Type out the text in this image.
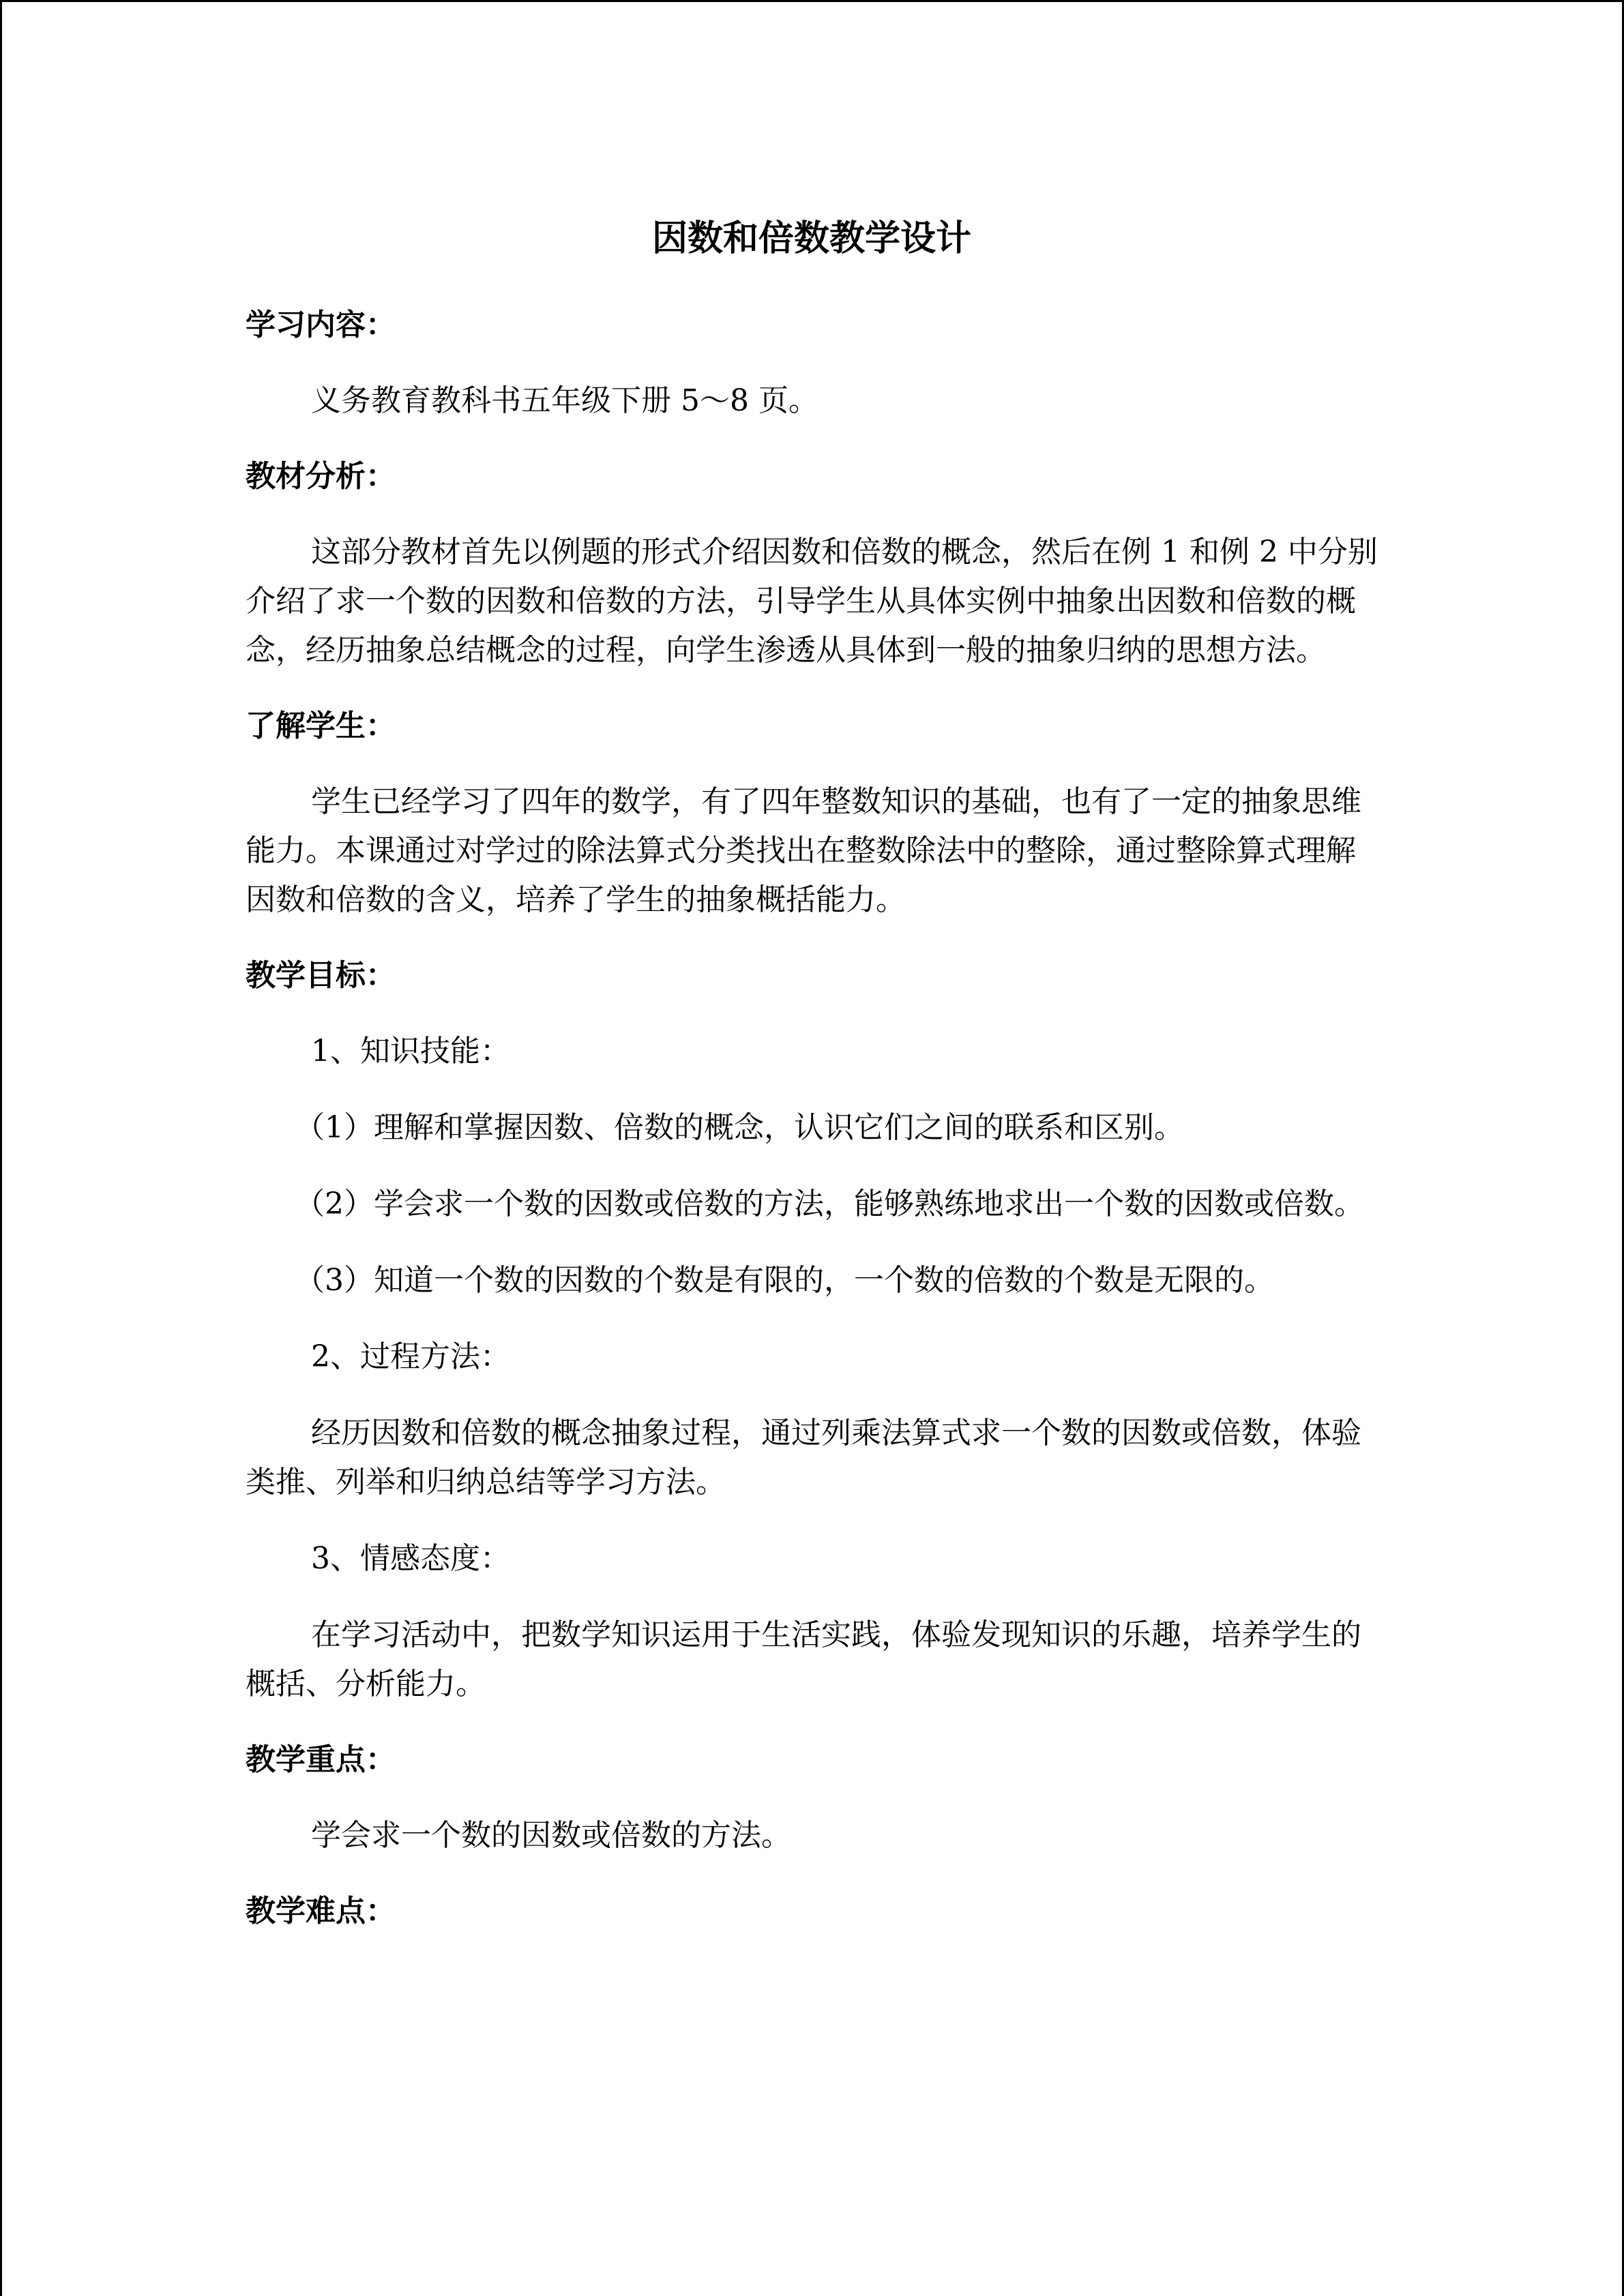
因数和倍数教学设计
学习内容：
义务教育教科书五年级下册 5～8 页。
教材分析：
这部分教材首先以例题的形式介绍因数和倍数的概念，然后在例 1 和例 2 中分别介绍了求一个数的因数和倍数的方法，引导学生从具体实例中抽象出因数和倍数的概念，经历抽象总结概念的过程，向学生渗透从具体到一般的抽象归纳的思想方法。
了解学生：
学生已经学习了四年的数学，有了四年整数知识的基础，也有了一定的抽象思维能力。本课通过对学过的除法算式分类找出在整数除法中的整除，通过整除算式理解因数和倍数的含义，培养了学生的抽象概括能力。
教学目标：
1、知识技能：
（1）理解和掌握因数、倍数的概念，认识它们之间的联系和区别。
（2）学会求一个数的因数或倍数的方法，能够熟练地求出一个数的因数或倍数。
（3）知道一个数的因数的个数是有限的，一个数的倍数的个数是无限的。
2、过程方法：
经历因数和倍数的概念抽象过程，通过列乘法算式求一个数的因数或倍数，体验类推、列举和归纳总结等学习方法。
3、情感态度：
在学习活动中，把数学知识运用于生活实践，体验发现知识的乐趣，培养学生的概括、分析能力。
教学重点：
学会求一个数的因数或倍数的方法。
教学难点：
